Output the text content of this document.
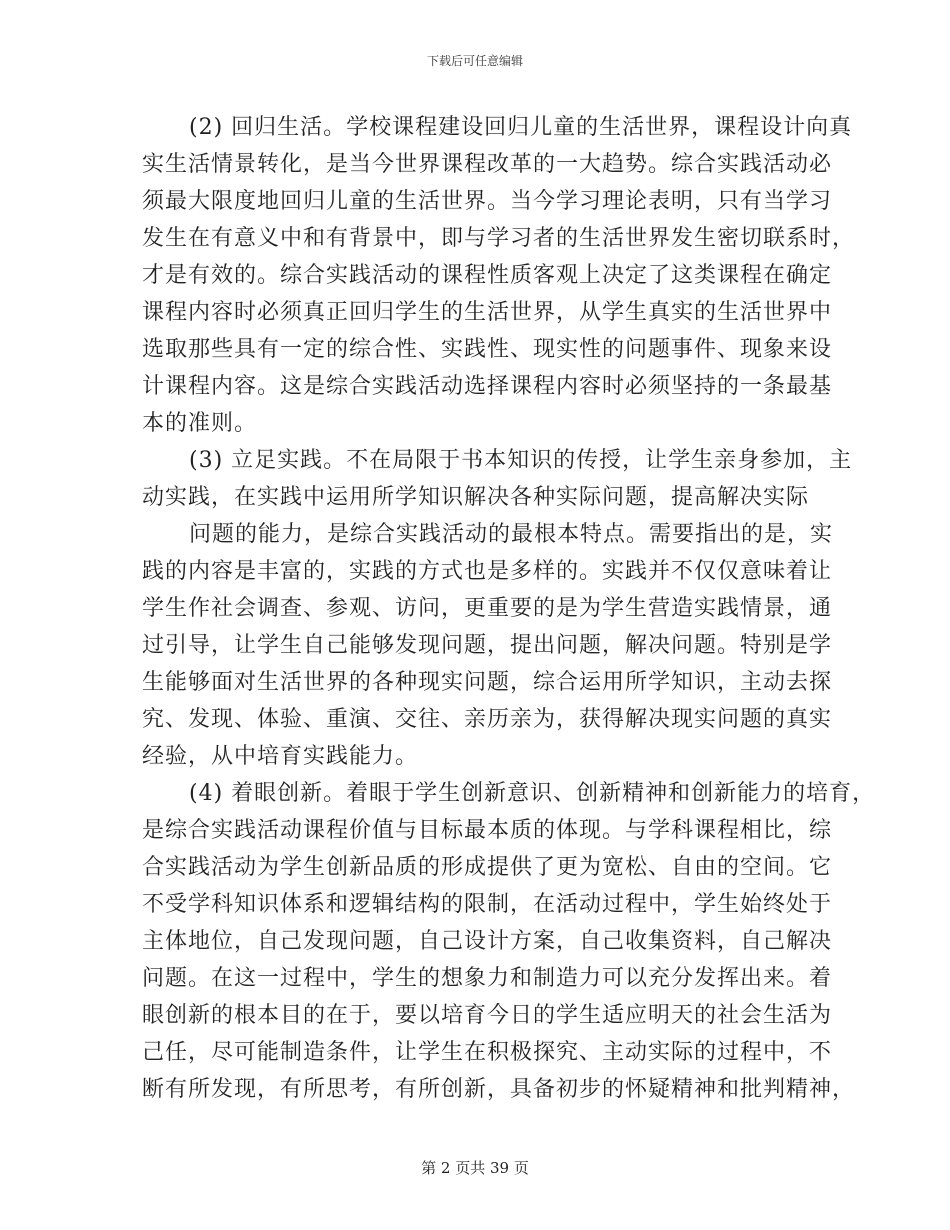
下载后可任意编辑
(2) 回归生活。学校课程建设回归儿童的生活世界，课程设计向真
实生活情景转化，是当今世界课程改革的一大趋势。综合实践活动必
须最大限度地回归儿童的生活世界。当今学习理论表明，只有当学习
发生在有意义中和有背景中，即与学习者的生活世界发生密切联系时，
才是有效的。综合实践活动的课程性质客观上决定了这类课程在确定
课程内容时必须真正回归学生的生活世界，从学生真实的生活世界中
选取那些具有一定的综合性、实践性、现实性的问题事件、现象来设
计课程内容。这是综合实践活动选择课程内容时必须坚持的一条最基
本的准则。
(3) 立足实践。不在局限于书本知识的传授，让学生亲身参加，主
动实践，在实践中运用所学知识解决各种实际问题，提高解决实际
问题的能力，是综合实践活动的最根本特点。需要指出的是，实
践的内容是丰富的，实践的方式也是多样的。实践并不仅仅意味着让
学生作社会调查、参观、访问，更重要的是为学生营造实践情景，通
过引导，让学生自己能够发现问题，提出问题，解决问题。特别是学
生能够面对生活世界的各种现实问题，综合运用所学知识，主动去探
究、发现、体验、重演、交往、亲历亲为，获得解决现实问题的真实
经验，从中培育实践能力。
(4) 着眼创新。着眼于学生创新意识、创新精神和创新能力的培育，
是综合实践活动课程价值与目标最本质的体现。与学科课程相比，综
合实践活动为学生创新品质的形成提供了更为宽松、自由的空间。它
不受学科知识体系和逻辑结构的限制，在活动过程中，学生始终处于
主体地位，自己发现问题，自己设计方案，自己收集资料，自己解决
问题。在这一过程中，学生的想象力和制造力可以充分发挥出来。着
眼创新的根本目的在于，要以培育今日的学生适应明天的社会生活为
己任，尽可能制造条件，让学生在积极探究、主动实际的过程中，不
断有所发现，有所思考，有所创新，具备初步的怀疑精神和批判精神，
第 2 页共 39 页
